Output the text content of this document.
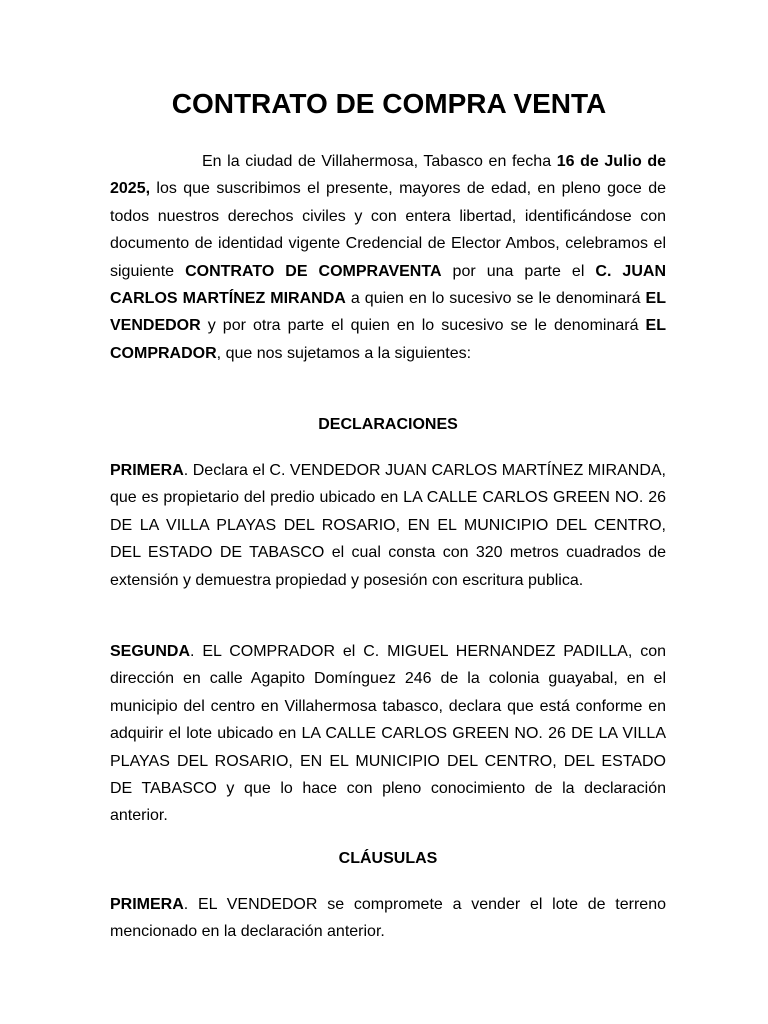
CONTRATO DE COMPRA VENTA

En la ciudad de Villahermosa, Tabasco en fecha 16 de Julio de 2025, los que suscribimos el presente, mayores de edad, en pleno goce de todos nuestros derechos civiles y con entera libertad, identificándose con documento de identidad vigente Credencial de Elector Ambos, celebramos el siguiente CONTRATO DE COMPRAVENTA por una parte el C. JUAN CARLOS MARTÍNEZ MIRANDA a quien en lo sucesivo se le denominará EL VENDEDOR y por otra parte el quien en lo sucesivo se le denominará EL COMPRADOR, que nos sujetamos a la siguientes:

DECLARACIONES

PRIMERA. Declara el C. VENDEDOR JUAN CARLOS MARTÍNEZ MIRANDA, que es propietario del predio ubicado en LA CALLE CARLOS GREEN NO. 26 DE LA VILLA PLAYAS DEL ROSARIO, EN EL MUNICIPIO DEL CENTRO, DEL ESTADO DE TABASCO el cual consta con 320 metros cuadrados de extensión y demuestra propiedad y posesión con escritura publica.

SEGUNDA. EL COMPRADOR el C. MIGUEL HERNANDEZ PADILLA, con dirección en calle Agapito Domínguez 246 de la colonia guayabal, en el municipio del centro en Villahermosa tabasco, declara que está conforme en adquirir el lote ubicado en LA CALLE CARLOS GREEN NO. 26 DE LA VILLA PLAYAS DEL ROSARIO, EN EL MUNICIPIO DEL CENTRO, DEL ESTADO DE TABASCO y que lo hace con pleno conocimiento de la declaración anterior.

CLÁUSULAS

PRIMERA. EL VENDEDOR se compromete a vender el lote de terreno mencionado en la declaración anterior.
